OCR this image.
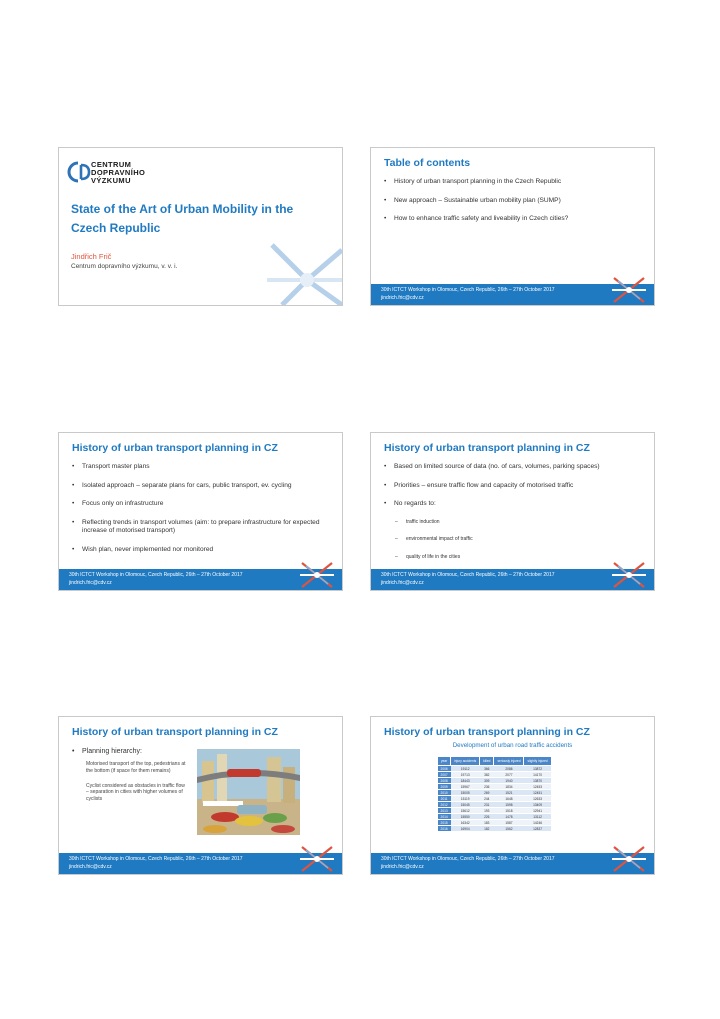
CENTRUM
DOPRAVNÍHO
VÝZKUMU
State of the Art of Urban Mobility in the Czech Republic
Jindřich Frič
Centrum dopravního výzkumu, v. v. i.
Table of contents
• History of urban transport planning in the Czech Republic
• New approach – Sustainable urban mobility plan (SUMP)
• How to enhance traffic safety and liveability in Czech cities?
30th ICTCT Workshop in Olomouc, Czech Republic, 26th – 27th October 2017
jindrich.fric@cdv.cz
History of urban transport planning in CZ
• Transport master plans
• Isolated approach – separate plans for cars, public transport, ev. cycling
• Focus only on infrastructure
• Reflecting trends in transport volumes (aim: to prepare infrastructure for expected increase of motorised transport)
• Wish plan, never implemented nor monitored
30th ICTCT Workshop in Olomouc, Czech Republic, 26th – 27th October 2017
jindrich.fric@cdv.cz
History of urban transport planning in CZ
• Based on limited source of data (no. of cars, volumes, parking spaces)
• Priorities – ensure traffic flow and capacity of motorised traffic
• No regards to:
– traffic induction
– environmental impact of traffic
– quality of life in the cities
30th ICTCT Workshop in Olomouc, Czech Republic, 26th – 27th October 2017
jindrich.fric@cdv.cz
History of urban transport planning in CZ
• Planning hierarchy:

Motorised transport of the top, pedestrians at the bottom (if space for them remains)

Cyclist considered as obstacles in traffic flow – separation in cities with higher volumes of cyclists

30th ICTCT Workshop in Olomouc, Czech Republic, 26th – 27th October 2017
jindrich.fric@cdv.cz
History of urban transport planning in CZ
Development of urban road traffic accidents
year	injury accidents	killed	seriously injured	slightly injured
2006	19112	366	2086	13872
2007	19713	382	2077	14170
2008	18443	309	1940	13870
2009	15967	236	1834	12453
2010	15005	269	1521	12451
2011	15119	244	1648	12633
2012	15045	231	1598	13409
2013	15612	193	1518	12941
2014	15550	226	1478	13112
2015	16342	183	1587	14246
2016	16904	182	1562	12837
30th ICTCT Workshop in Olomouc, Czech Republic, 26th – 27th October 2017
jindrich.fric@cdv.cz
